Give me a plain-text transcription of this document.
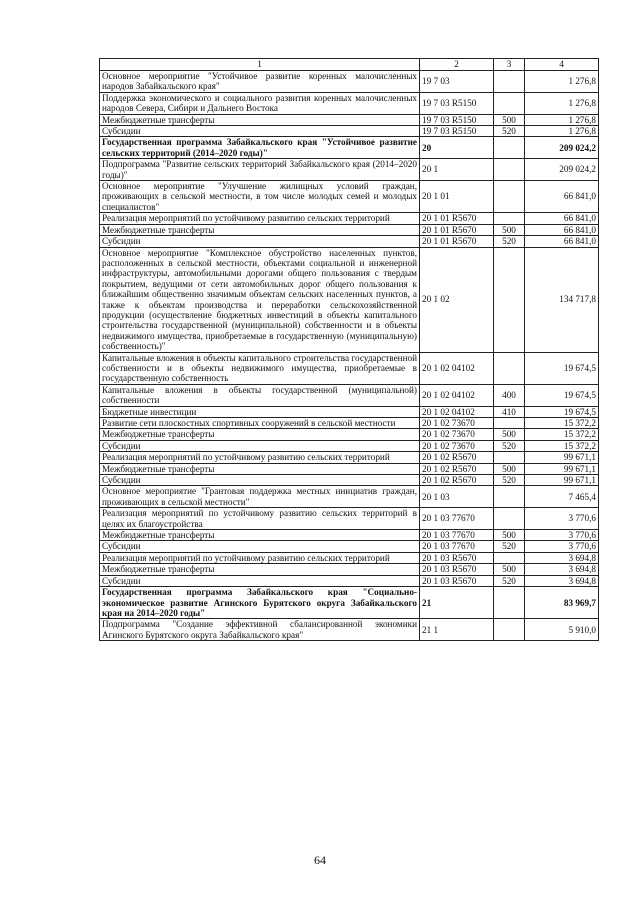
1	2	3	4
Основное мероприятие "Устойчивое развитие коренных малочисленных народов Забайкальского края"	19 7 03		1 276,8
Поддержка экономического и социального развития коренных малочисленных народов Севера, Сибири и Дальнего Востока	19 7 03 R5150		1 276,8
Межбюджетные трансферты	19 7 03 R5150	500	1 276,8
Субсидии	19 7 03 R5150	520	1 276,8
Государственная программа Забайкальского края "Устойчивое развитие сельских территорий (2014–2020 годы)"	20		209 024,2
Подпрограмма "Развитие сельских территорий Забайкальского края (2014–2020 годы)"	20 1		209 024,2
Основное мероприятие "Улучшение жилищных условий граждан, проживающих в сельской местности, в том числе молодых семей и молодых специалистов"	20 1 01		66 841,0
Реализация мероприятий по устойчивому развитию сельских территорий	20 1 01 R5670		66 841,0
Межбюджетные трансферты	20 1 01 R5670	500	66 841,0
Субсидии	20 1 01 R5670	520	66 841,0
Основное мероприятие "Комплексное обустройство населенных пунктов, расположенных в сельской местности, объектами социальной и инженерной инфраструктуры, автомобильными дорогами общего пользования с твердым покрытием, ведущими от сети автомобильных дорог общего пользования к ближайшим общественно значимым объектам сельских населенных пунктов, а также к объектам производства и переработки сельскохозяйственной продукции (осуществление бюджетных инвестиций в объекты капитального строительства государственной (муниципальной) собственности и в объекты недвижимого имущества, приобретаемые в государственную (муниципальную) собственность)"	20 1 02		134 717,8
Капитальные вложения в объекты капитального строительства государственной собственности и в объекты недвижимого имущества, приобретаемые в государственную собственность	20 1 02 04102		19 674,5
Капитальные вложения в объекты государственной (муниципальной) собственности	20 1 02 04102	400	19 674,5
Бюджетные инвестиции	20 1 02 04102	410	19 674,5
Развитие сети плоскостных спортивных сооружений в сельской местности	20 1 02 73670		15 372,2
Межбюджетные трансферты	20 1 02 73670	500	15 372,2
Субсидии	20 1 02 73670	520	15 372,2
Реализация мероприятий по устойчивому развитию сельских территорий	20 1 02 R5670		99 671,1
Межбюджетные трансферты	20 1 02 R5670	500	99 671,1
Субсидии	20 1 02 R5670	520	99 671,1
Основное мероприятие "Грантовая поддержка местных инициатив граждан, проживающих в сельской местности"	20 1 03		7 465,4
Реализация мероприятий по устойчивому развитию сельских территорий в целях их благоустройства	20 1 03 77670		3 770,6
Межбюджетные трансферты	20 1 03 77670	500	3 770,6
Субсидии	20 1 03 77670	520	3 770,6
Реализация мероприятий по устойчивому развитию сельских территорий	20 1 03 R5670		3 694,8
Межбюджетные трансферты	20 1 03 R5670	500	3 694,8
Субсидии	20 1 03 R5670	520	3 694,8
Государственная программа Забайкальского края "Социально-экономическое развитие Агинского Бурятского округа Забайкальского края на 2014–2020 годы"	21		83 969,7
Подпрограмма "Создание эффективной сбалансированной экономики Агинского Бурятского округа Забайкальского края"	21 1		5 910,0
64
